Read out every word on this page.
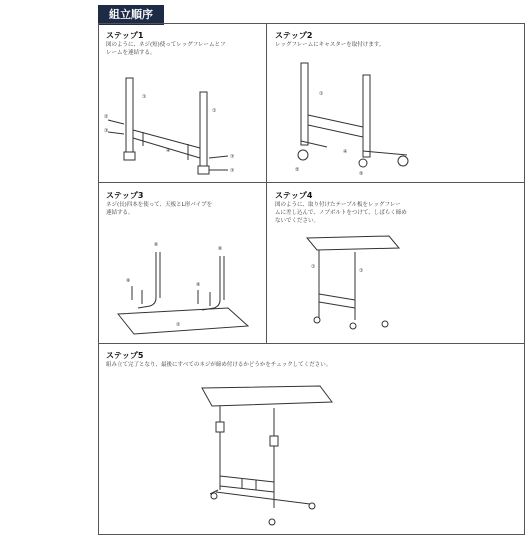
組立順序
ステップ1
図のように、ネジ(短)使ってレッグフレームとフ
レームを連結する。
①
①
②
③
④
⑦
⑦
ステップ2
レッグフレームにキャスターを取付けます。
①
⑤
⑤
④
ステップ3
ネジ(長)四本を使って、天板とL形パイプを
連結する。
⑥
⑥
⑧
⑧
②
ステップ4
図のように、取り付けたテーブル板をレッグフレー
ムに差し込んで、ノブボルトをつけて、しばらく締め
ないでください。
①
①
ステップ5
組み立て完了となり、最後にすべてのネジが締め付けるかどうかをチェックしてください。
